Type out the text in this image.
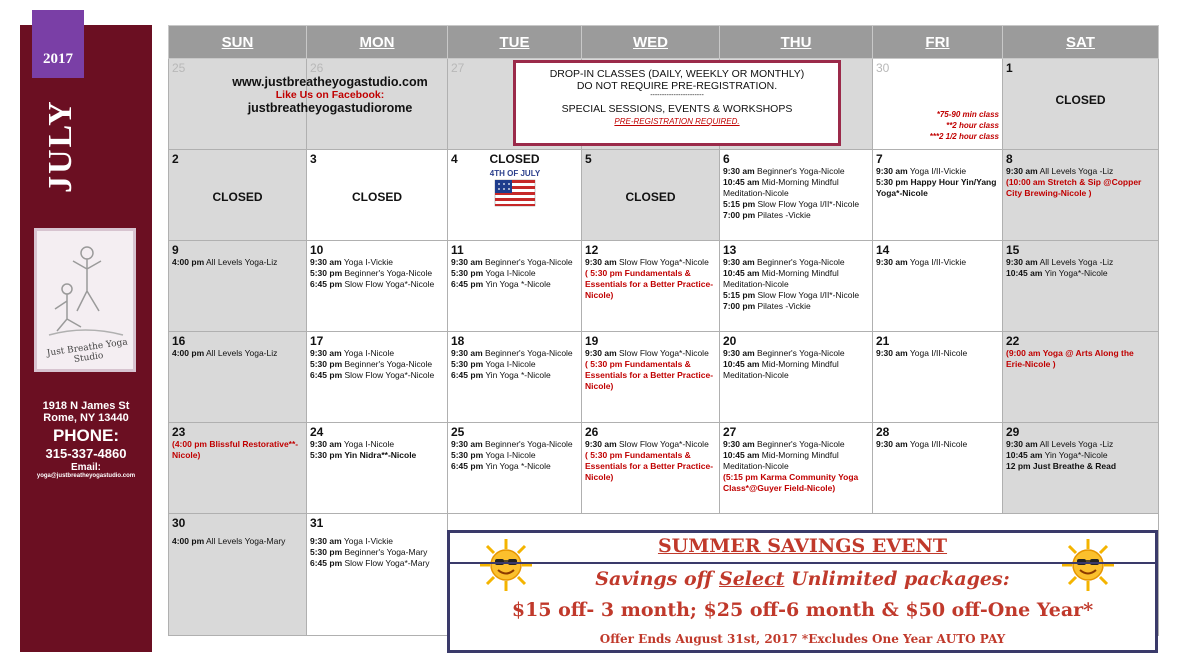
2017
JULY
Just Breathe Yoga Studio
1918 N James St
Rome, NY 13440
PHONE:
315-337-4860
Email:
yoga@justbreatheyogastudio.com
SUN	MON	TUE	WED	THU	FRI	SAT

25	26	27			30
*75-90 min class
**2 hour class
***2 1/2 hour class	1
CLOSED

2
CLOSED	3
CLOSED	4 CLOSED
4TH OF JULY	5
CLOSED	6
9:30 am Beginner's Yoga-Nicole
10:45 am Mid-Morning Mindful Meditation-Nicole
5:15 pm Slow Flow Yoga I/II*-Nicole
7:00 pm Pilates -Vickie	7
9:30 am Yoga I/II-Vickie
5:30 pm Happy Hour Yin/Yang Yoga*-Nicole	8
9:30 am All Levels Yoga -Liz
(10:00 am Stretch & Sip @Copper City Brewing-Nicole )

9
4:00 pm All Levels Yoga-Liz	10
9:30 am Yoga I-Vickie
5:30 pm Beginner's Yoga-Nicole
6:45 pm Slow Flow Yoga*-Nicole	11
9:30 am Beginner's Yoga-Nicole
5:30 pm Yoga I-Nicole
6:45 pm Yin Yoga *-Nicole	12
9:30 am Slow Flow Yoga*-Nicole
( 5:30 pm Fundamentals & Essentials for a Better Practice-Nicole)	13
9:30 am Beginner's Yoga-Nicole
10:45 am Mid-Morning Mindful Meditation-Nicole
5:15 pm Slow Flow Yoga I/II*-Nicole
7:00 pm Pilates -Vickie	14
9:30 am Yoga I/II-Vickie	15
9:30 am All Levels Yoga -Liz
10:45 am Yin Yoga*-Nicole

16
4:00 pm All Levels Yoga-Liz	17
9:30 am Yoga I-Nicole
5:30 pm Beginner's Yoga-Nicole
6:45 pm Slow Flow Yoga*-Nicole	18
9:30 am Beginner's Yoga-Nicole
5:30 pm Yoga I-Nicole
6:45 pm Yin Yoga *-Nicole	19
9:30 am Slow Flow Yoga*-Nicole
( 5:30 pm Fundamentals & Essentials for a Better Practice-Nicole)	20
9:30 am Beginner's Yoga-Nicole
10:45 am Mid-Morning Mindful Meditation-Nicole	21
9:30 am Yoga I/II-Nicole	22
(9:00 am Yoga @ Arts Along the Erie-Nicole )

23
(4:00 pm Blissful Restorative**-Nicole)	24
9:30 am Yoga I-Nicole
5:30 pm Yin Nidra**-Nicole	25
9:30 am Beginner's Yoga-Nicole
5:30 pm Yoga I-Nicole
6:45 pm Yin Yoga *-Nicole	26
9:30 am Slow Flow Yoga*-Nicole
( 5:30 pm Fundamentals & Essentials for a Better Practice-Nicole)	27
9:30 am Beginner's Yoga-Nicole
10:45 am Mid-Morning Mindful Meditation-Nicole
(5:15 pm Karma Community Yoga Class*@Guyer Field-Nicole)	28
9:30 am Yoga I/II-Nicole	29
9:30 am All Levels Yoga -Liz
10:45 am Yin Yoga*-Nicole
12 pm Just Breathe & Read

30
4:00 pm All Levels Yoga-Mary	31
9:30 am Yoga I-Vickie
5:30 pm Beginner's Yoga-Mary
6:45 pm Slow Flow Yoga*-Mary					

www.justbreatheyogastudio.com
Like Us on Facebook:
justbreatheyogastudiorome
DROP-IN CLASSES (DAILY, WEEKLY OR MONTHLY)
DO NOT REQUIRE PRE-REGISTRATION.
-----------------------
SPECIAL SESSIONS, EVENTS & WORKSHOPS
PRE-REGISTRATION REQUIRED.
SUMMER SAVINGS EVENT
Savings off Select Unlimited packages:
$15 off- 3 month; $25 off-6 month & $50 off-One Year*
Offer Ends August 31st, 2017 *Excludes One Year AUTO PAY
